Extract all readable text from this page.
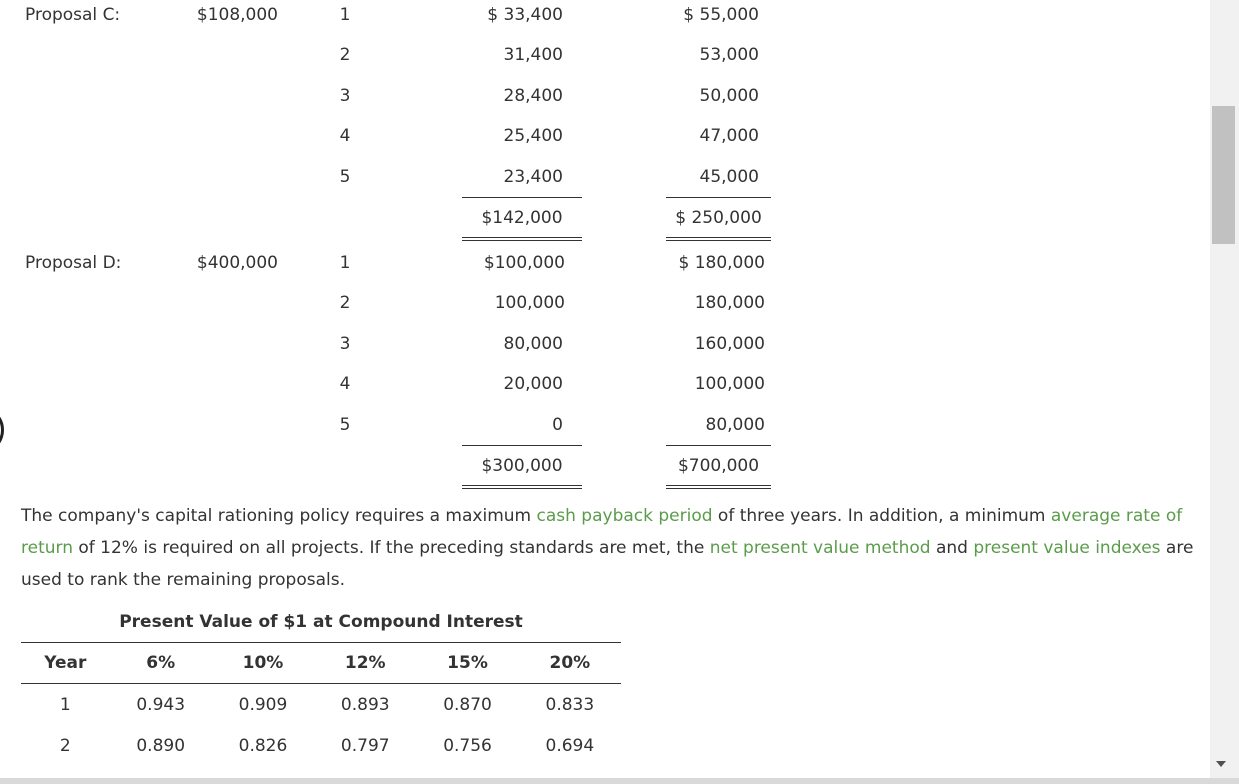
Proposal C:	$108,000	1	$ 33,400	$ 55,000
2	31,400	53,000
3	28,400	50,000
4	25,400	47,000
5	23,400	45,000
$142,000	$ 250,000
Proposal D:	$400,000	1	$100,000	$ 180,000
2	100,000	180,000
3	80,000	160,000
4	20,000	100,000
5	0	80,000
$300,000	$700,000

The company's capital rationing policy requires a maximum cash payback period of three years. In addition, a minimum average rate of return of 12% is required on all projects. If the preceding standards are met, the net present value method and present value indexes are used to rank the remaining proposals.

Present Value of $1 at Compound Interest
Year	6%	10%	12%	15%	20%
1	0.943	0.909	0.893	0.870	0.833
2	0.890	0.826	0.797	0.756	0.694
